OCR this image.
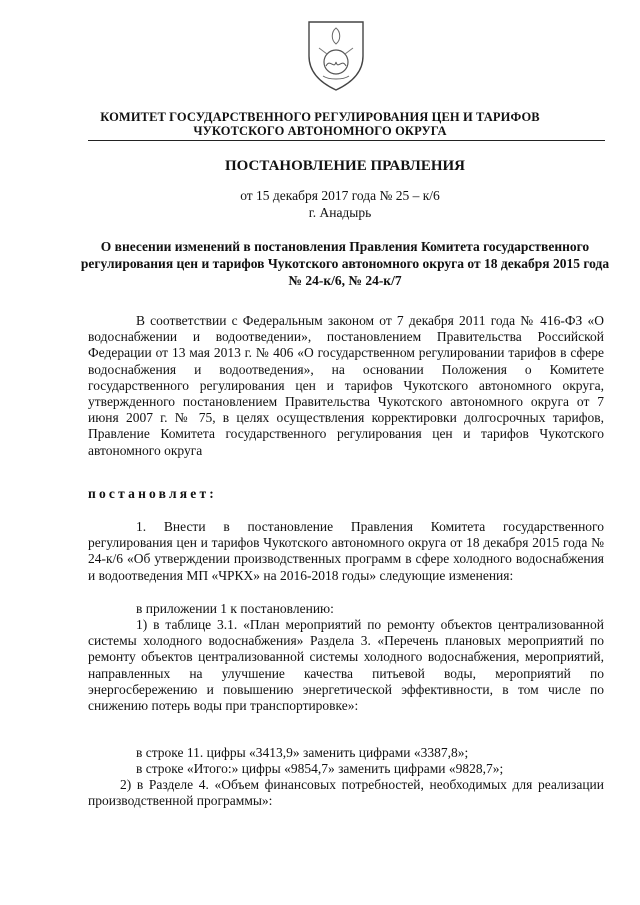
КОМИТЕТ ГОСУДАРСТВЕННОГО РЕГУЛИРОВАНИЯ ЦЕН И ТАРИФОВ
ЧУКОТСКОГО АВТОНОМНОГО ОКРУГА
ПОСТАНОВЛЕНИЕ ПРАВЛЕНИЯ
от 15 декабря 2017 года № 25 – к/6
г. Анадырь
О внесении изменений в постановления Правления Комитета государственного регулирования цен и тарифов Чукотского автономного округа от 18 декабря 2015 года № 24-к/6, № 24-к/7
В соответствии с Федеральным законом от 7 декабря 2011 года № 416-ФЗ «О водоснабжении и водоотведении», постановлением Правительства Российской Федерации от 13 мая 2013 г. № 406 «О государственном регулировании тарифов в сфере водоснабжения и водоотведения», на основании Положения о Комитете государственного регулирования цен и тарифов Чукотского автономного округа, утвержденного постановлением Правительства Чукотского автономного округа от 7 июня 2007 г. № 75, в целях осуществления корректировки долгосрочных тарифов, Правление Комитета государственного регулирования цен и тарифов Чукотского автономного округа
постановляет:
1. Внести в постановление Правления Комитета государственного регулирования цен и тарифов Чукотского автономного округа от 18 декабря 2015 года № 24-к/6 «Об утверждении производственных программ в сфере холодного водоснабжения и водоотведения МП «ЧРКХ» на 2016-2018 годы» следующие изменения:
в приложении 1 к постановлению:
1) в таблице 3.1. «План мероприятий по ремонту объектов централизованной системы холодного водоснабжения» Раздела 3. «Перечень плановых мероприятий по ремонту объектов централизованной системы холодного водоснабжения, мероприятий, направленных на улучшение качества питьевой воды, мероприятий по энергосбережению и повышению энергетической эффективности, в том числе по снижению потерь воды при транспортировке»:
в строке 11. цифры «3413,9» заменить цифрами «3387,8»;
в строке «Итого:» цифры «9854,7» заменить цифрами «9828,7»;
2) в Разделе 4. «Объем финансовых потребностей, необходимых для реализации производственной программы»:
